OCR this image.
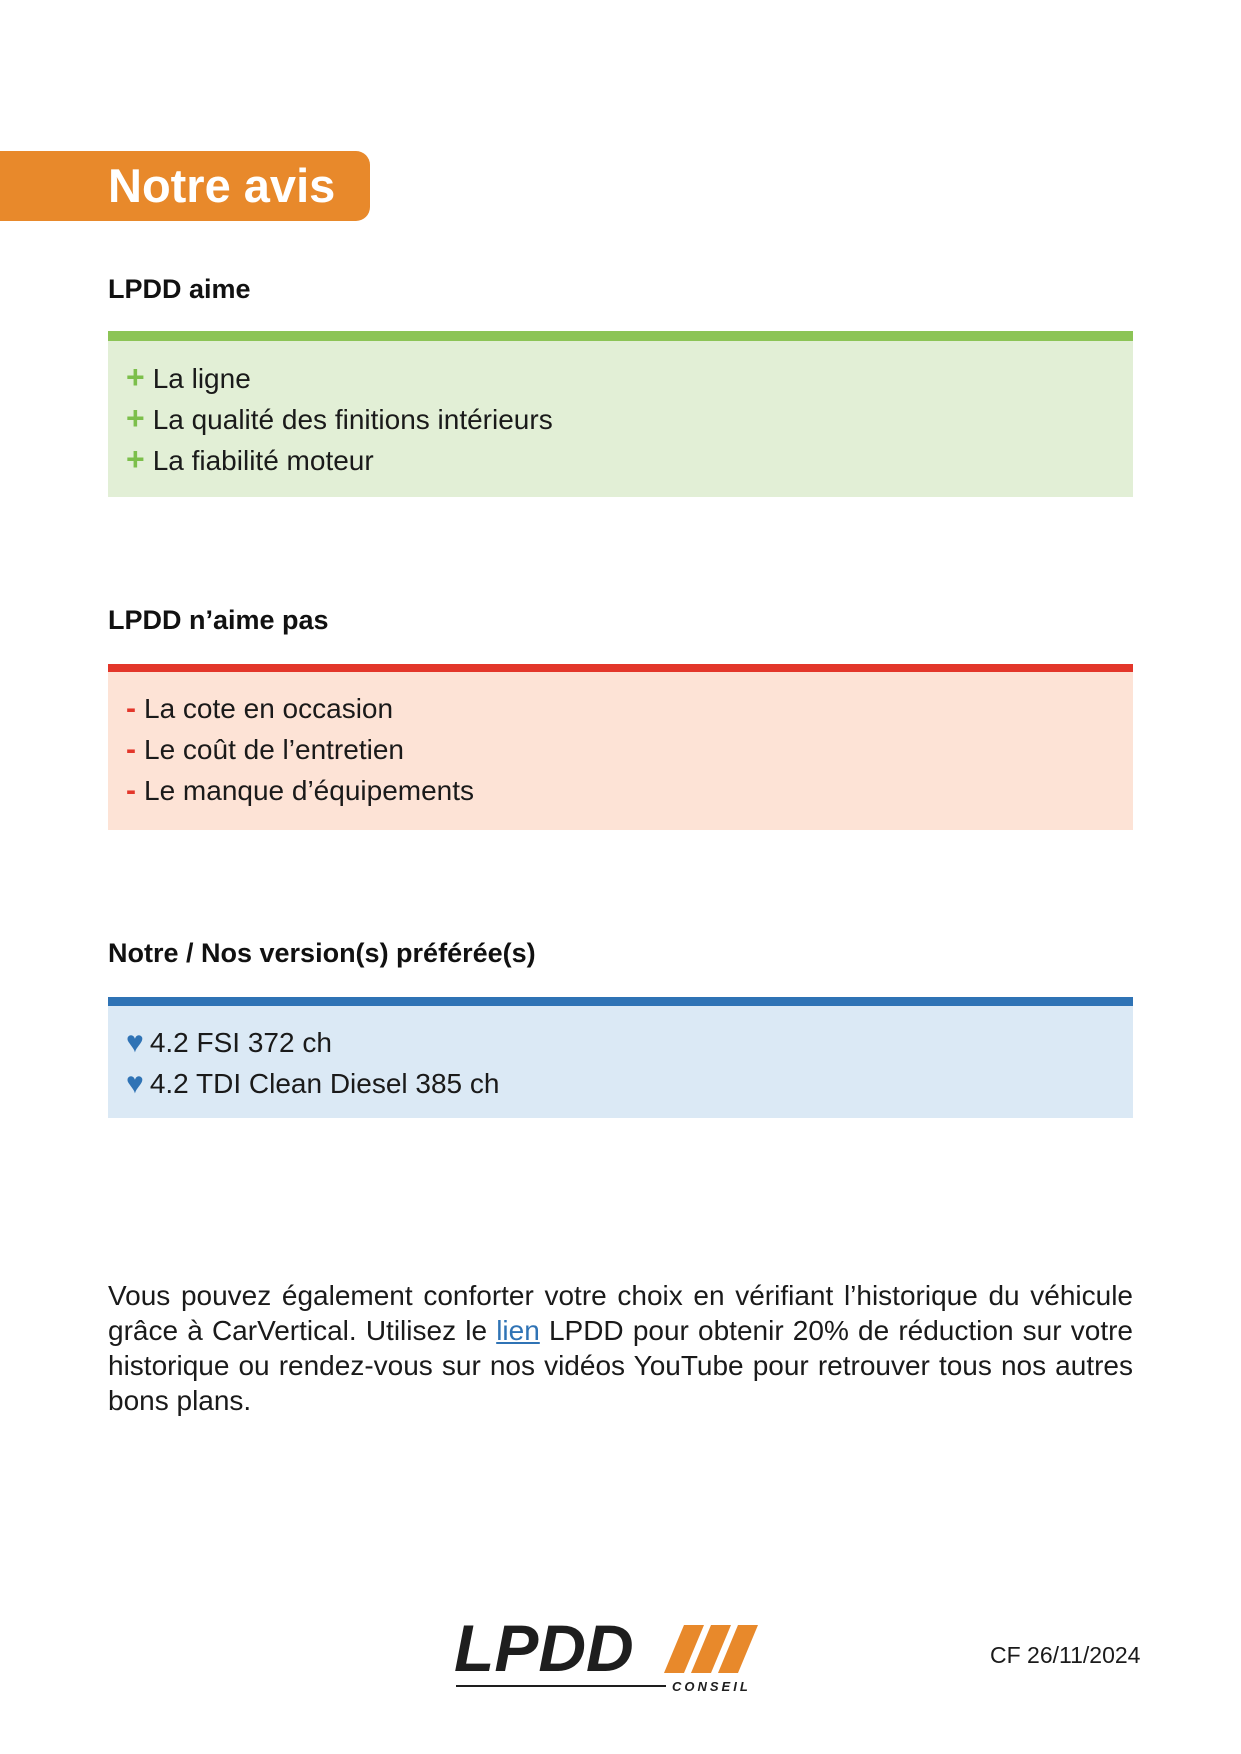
Notre avis
LPDD aime
+ La ligne
+ La qualité des finitions intérieurs
+ La fiabilité moteur
LPDD n’aime pas
- La cote en occasion
- Le coût de l’entretien
- Le manque d’équipements
Notre / Nos version(s) préférée(s)
♥ 4.2 FSI 372 ch
♥ 4.2 TDI Clean Diesel 385 ch
Vous pouvez également conforter votre choix en vérifiant l’historique du véhicule grâce à CarVertical. Utilisez le lien LPDD pour obtenir 20% de réduction sur votre historique ou rendez-vous sur nos vidéos YouTube pour retrouver tous nos autres bons plans.
LPDD
CONSEIL
CF 26/11/2024
